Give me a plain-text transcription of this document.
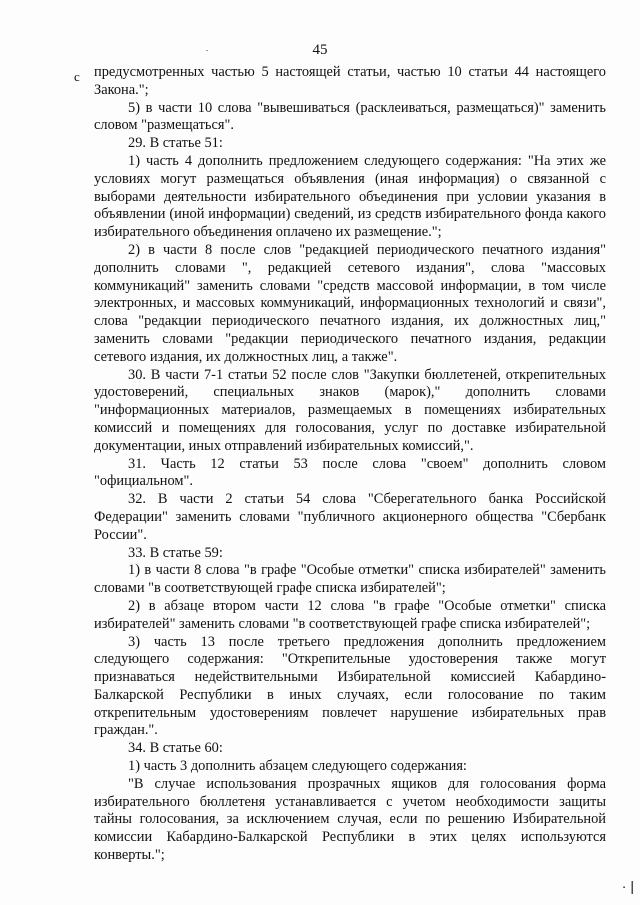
45
с предусмотренных частью 5 настоящей статьи, частью 10 статьи 44 настоящего Закона.";

5) в части 10 слова "вывешиваться (расклеиваться, размещаться)" заменить словом "размещаться".

29. В статье 51:

1) часть 4 дополнить предложением следующего содержания: "На этих же условиях могут размещаться объявления (иная информация) о связанной с выборами деятельности избирательного объединения при условии указания в объявлении (иной информации) сведений, из средств избирательного фонда какого избирательного объединения оплачено их размещение.";

2) в части 8 после слов "редакцией периодического печатного издания" дополнить словами ", редакцией сетевого издания", слова "массовых коммуникаций" заменить словами "средств массовой информации, в том числе электронных, и массовых коммуникаций, информационных технологий и связи", слова "редакции периодического печатного издания, их должностных лиц," заменить словами "редакции периодического печатного издания, редакции сетевого издания, их должностных лиц, а также".

30. В части 7-1 статьи 52 после слов "Закупки бюллетеней, открепительных удостоверений, специальных знаков (марок)," дополнить словами "информационных материалов, размещаемых в помещениях избирательных комиссий и помещениях для голосования, услуг по доставке избирательной документации, иных отправлений избирательных комиссий,".

31. Часть 12 статьи 53 после слова "своем" дополнить словом "официальном".

32. В части 2 статьи 54 слова "Сберегательного банка Российской Федерации" заменить словами "публичного акционерного общества "Сбербанк России".

33. В статье 59:

1) в части 8 слова "в графе "Особые отметки" списка избирателей" заменить словами "в соответствующей графе списка избирателей";

2) в абзаце втором части 12 слова "в графе "Особые отметки" списка избирателей" заменить словами "в соответствующей графе списка избирателей";

3) часть 13 после третьего предложения дополнить предложением следующего содержания: "Открепительные удостоверения также могут признаваться недействительными Избирательной комиссией Кабардино-Балкарской Республики в иных случаях, если голосование по таким открепительным удостоверениям повлечет нарушение избирательных прав граждан.".

34. В статье 60:

1) часть 3 дополнить абзацем следующего содержания:

"В случае использования прозрачных ящиков для голосования форма избирательного бюллетеня устанавливается с учетом необходимости защиты тайны голосования, за исключением случая, если по решению Избирательной комиссии Кабардино-Балкарской Республики в этих целях используются конверты.";

· |
